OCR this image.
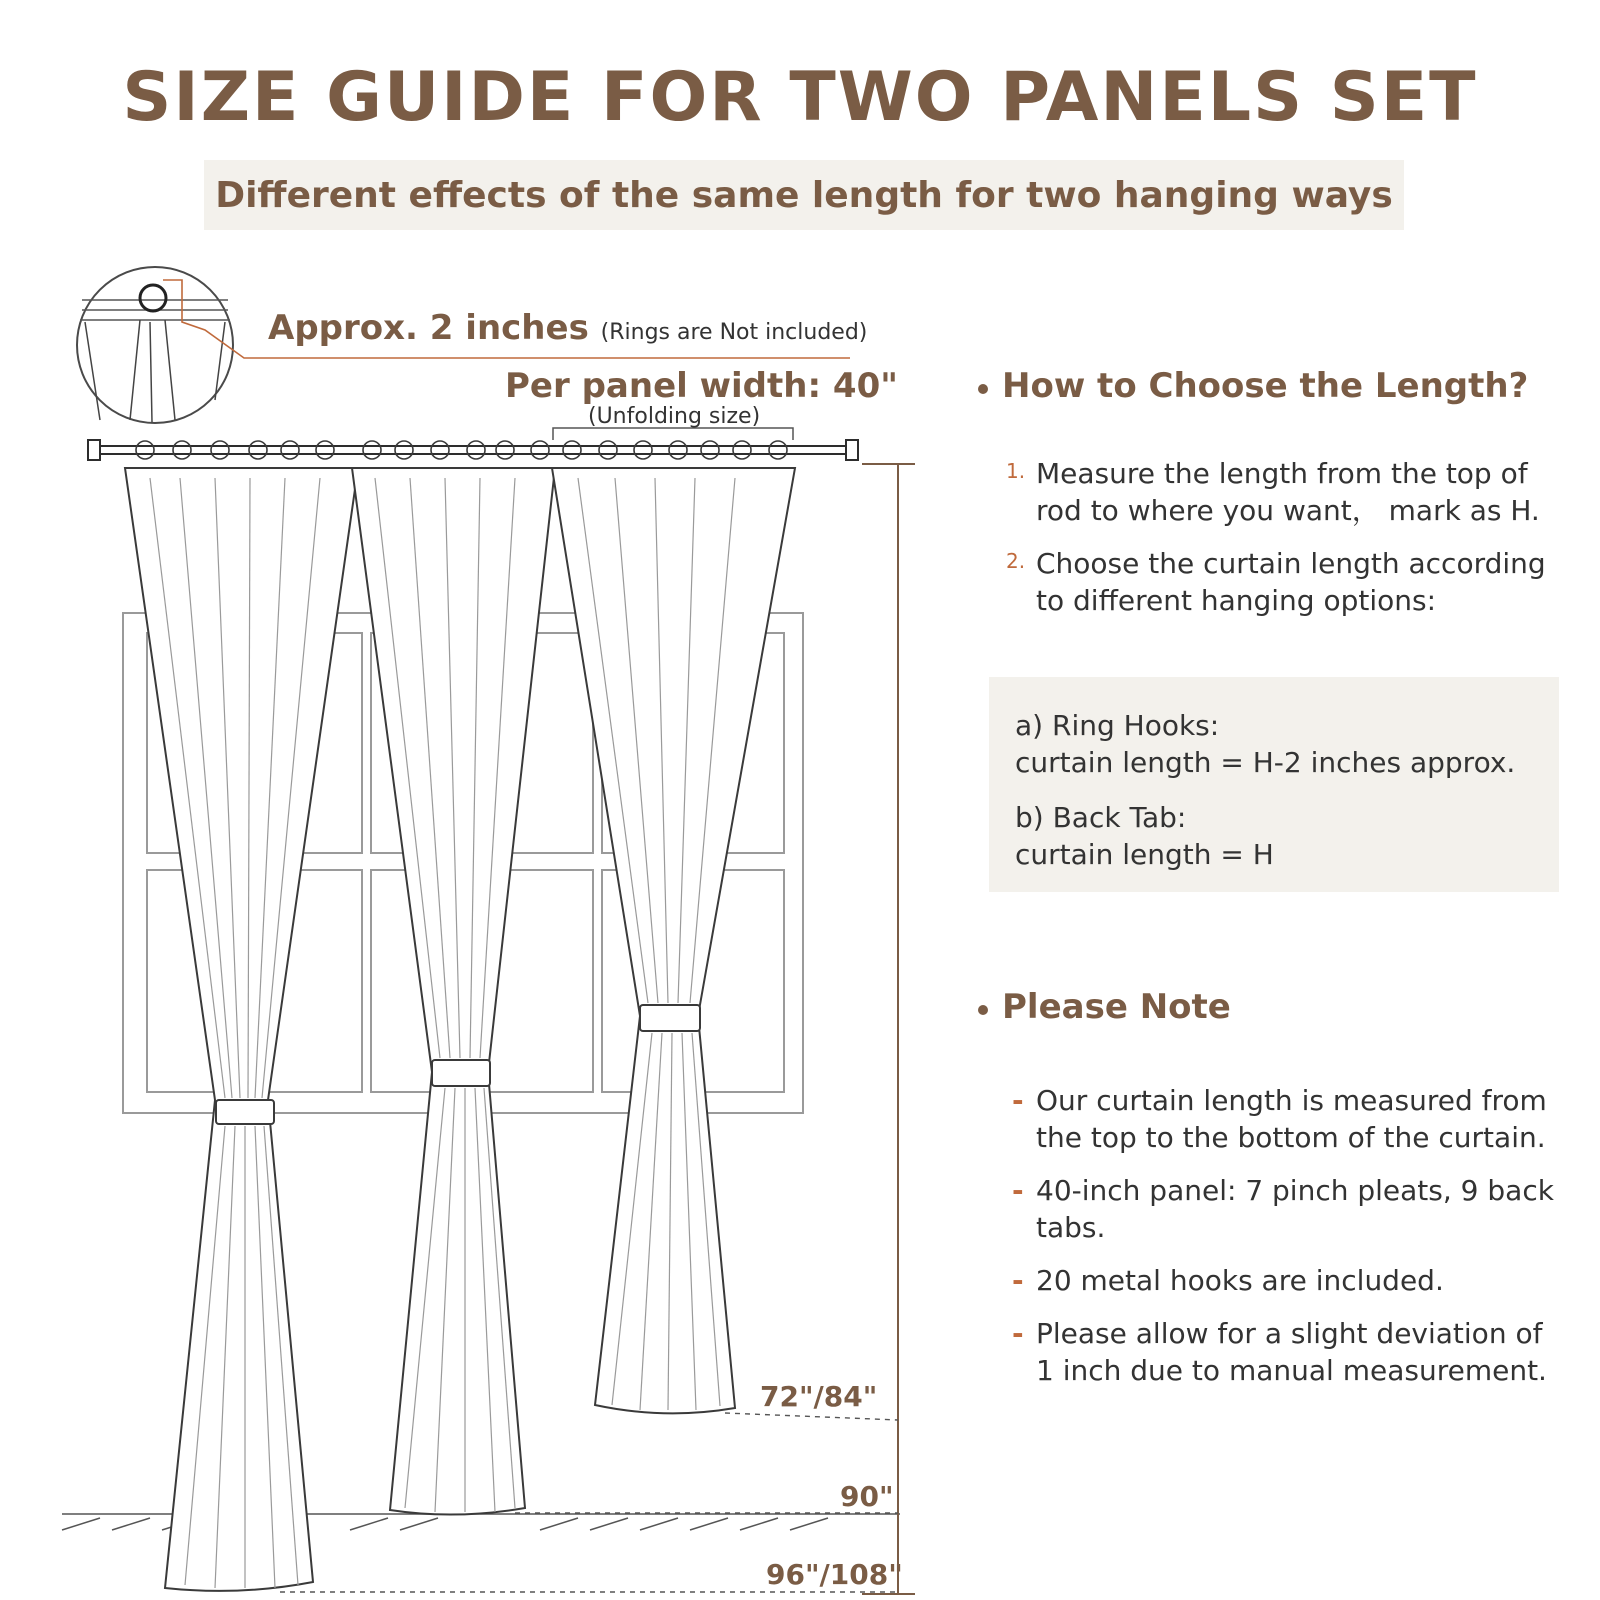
SIZE GUIDE FOR TWO PANELS SET
Different effects of the same length for two hanging ways
Approx. 2 inches (Rings are Not included)
Per panel width: 40"
(Unfolding size)
72"/84"
90"
96"/108"
How to Choose the Length?
1. Measure the length from the top of rod to where you want， mark as H.
2. Choose the curtain length according to different hanging options:
a) Ring Hooks:
curtain length = H-2 inches approx.
b) Back Tab:
curtain length = H
Please Note
- Our curtain length is measured from the top to the bottom of the curtain.
- 40-inch panel: 7 pinch pleats, 9 back tabs.
- 20 metal hooks are included.
- Please allow for a slight deviation of 1 inch due to manual measurement.
